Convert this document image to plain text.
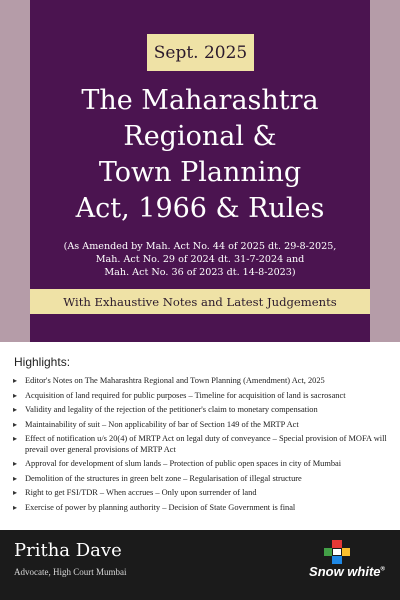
Sept. 2025
The Maharashtra
Regional &
Town Planning
Act, 1966 & Rules
(As Amended by Mah. Act No. 44 of 2025 dt. 29-8-2025,
Mah. Act No. 29 of 2024 dt. 31-7-2024 and
Mah. Act No. 36 of 2023 dt. 14-8-2023)
With Exhaustive Notes and Latest Judgements
Highlights:
▸ Editor's Notes on The Maharashtra Regional and Town Planning (Amendment) Act, 2025
▸ Acquisition of land required for public purposes – Timeline for acquisition of land is sacrosanct
▸ Validity and legality of the rejection of the petitioner's claim to monetary compensation
▸ Maintainability of suit – Non applicability of bar of Section 149 of the MRTP Act
▸ Effect of notification u/s 20(4) of MRTP Act on legal duty of conveyance – Special provision of MOFA will prevail over general provisions of MRTP Act
▸ Approval for development of slum lands – Protection of public open spaces in city of Mumbai
▸ Demolition of the structures in green belt zone – Regularisation of illegal structure
▸ Right to get FSI/TDR – When accrues – Only upon surrender of land
▸ Exercise of power by planning authority – Decision of State Government is final
Pritha Dave
Advocate, High Court Mumbai	Snow white®
